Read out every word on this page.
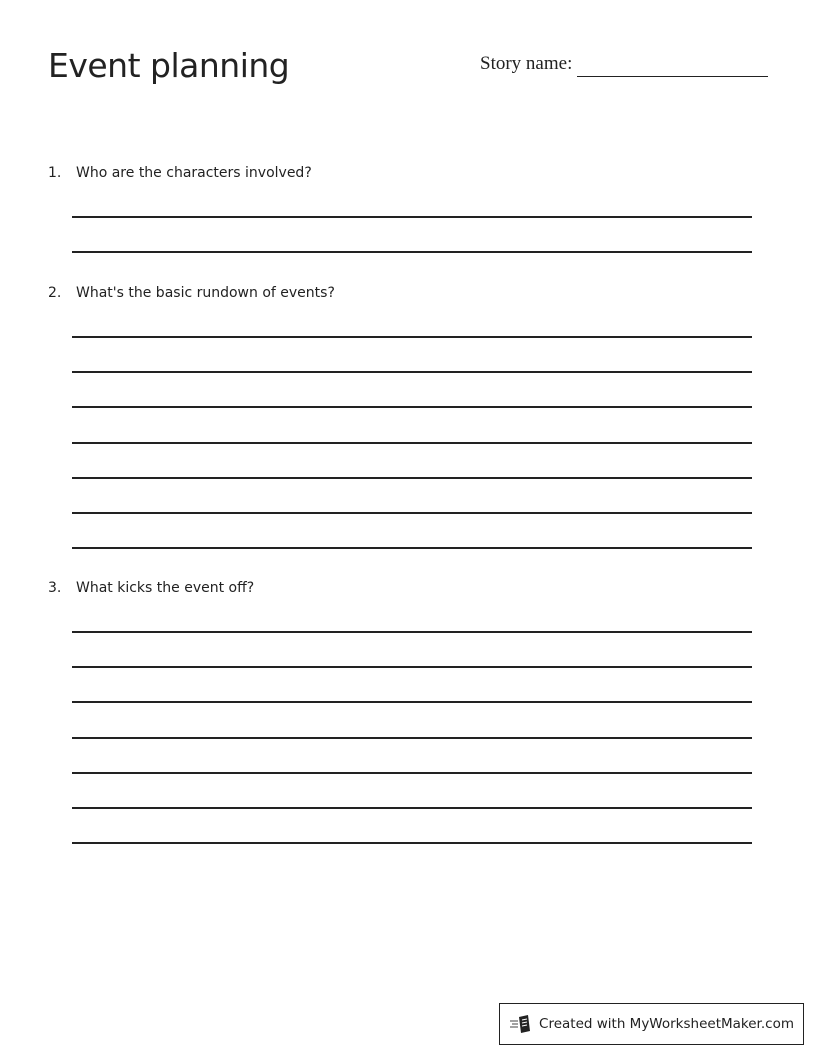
Event planning	Story name:
1. Who are the characters involved?
2. What's the basic rundown of events?
3. What kicks the event off?
Created with MyWorksheetMaker.com
